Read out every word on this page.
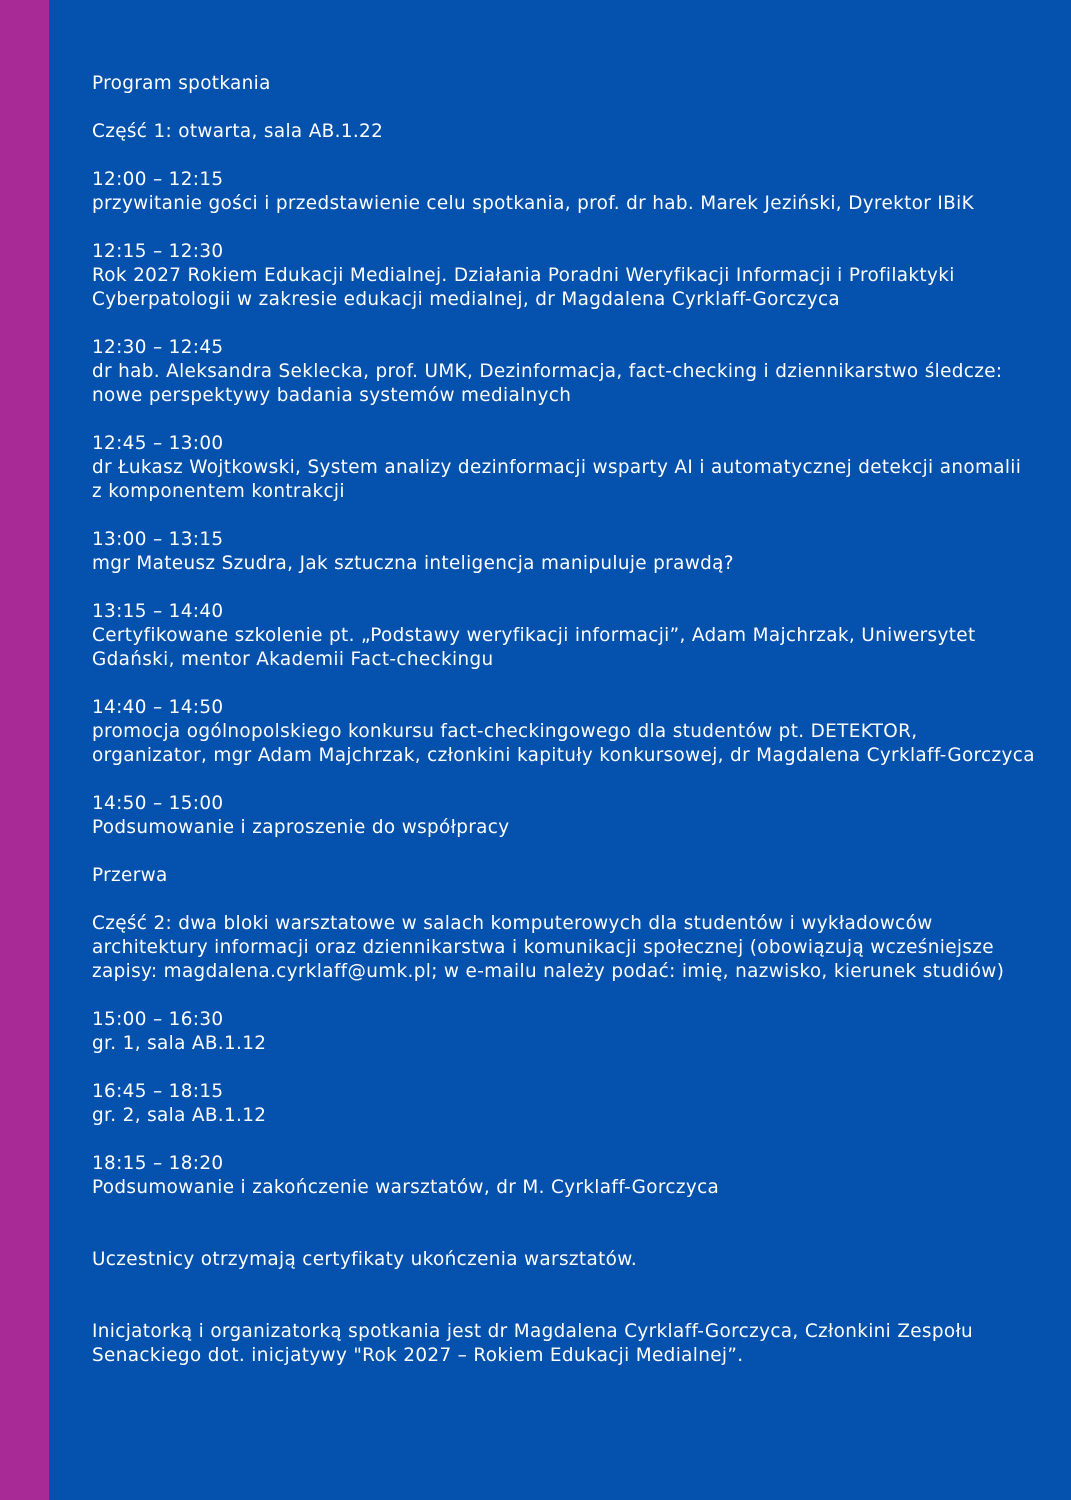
Program spotkania

Część 1: otwarta, sala AB.1.22

12:00 – 12:15
przywitanie gości i przedstawienie celu spotkania, prof. dr hab. Marek Jeziński, Dyrektor IBiK
12:15 – 12:30
Rok 2027 Rokiem Edukacji Medialnej. Działania Poradni Weryfikacji Informacji i Profilaktyki Cyberpatologii w zakresie edukacji medialnej, dr Magdalena Cyrklaff-Gorczyca
12:30 – 12:45
dr hab. Aleksandra Seklecka, prof. UMK, Dezinformacja, fact-checking i dziennikarstwo śledcze: nowe perspektywy badania systemów medialnych
12:45 – 13:00
dr Łukasz Wojtkowski, System analizy dezinformacji wsparty AI i automatycznej detekcji anomalii z komponentem kontrakcji
13:00 – 13:15
mgr Mateusz Szudra, Jak sztuczna inteligencja manipuluje prawdą?
13:15 – 14:40
Certyfikowane szkolenie pt. „Podstawy weryfikacji informacji”, Adam Majchrzak, Uniwersytet Gdański, mentor Akademii Fact-checkingu
14:40 – 14:50
promocja ogólnopolskiego konkursu fact-checkingowego dla studentów pt. DETEKTOR, organizator, mgr Adam Majchrzak, członkini kapituły konkursowej, dr Magdalena Cyrklaff-Gorczyca
14:50 – 15:00
Podsumowanie i zaproszenie do współpracy

Przerwa

Część 2: dwa bloki warsztatowe w salach komputerowych dla studentów i wykładowców architektury informacji oraz dziennikarstwa i komunikacji społecznej (obowiązują wcześniejsze zapisy: magdalena.cyrklaff@umk.pl; w e-mailu należy podać: imię, nazwisko, kierunek studiów)

15:00 – 16:30
gr. 1, sala AB.1.12
16:45 – 18:15
gr. 2, sala AB.1.12
18:15 – 18:20
Podsumowanie i zakończenie warsztatów, dr M. Cyrklaff-Gorczyca

Uczestnicy otrzymają certyfikaty ukończenia warsztatów.

Inicjatorką i organizatorką spotkania jest dr Magdalena Cyrklaff-Gorczyca, Członkini Zespołu Senackiego dot. inicjatywy "Rok 2027 – Rokiem Edukacji Medialnej”.
